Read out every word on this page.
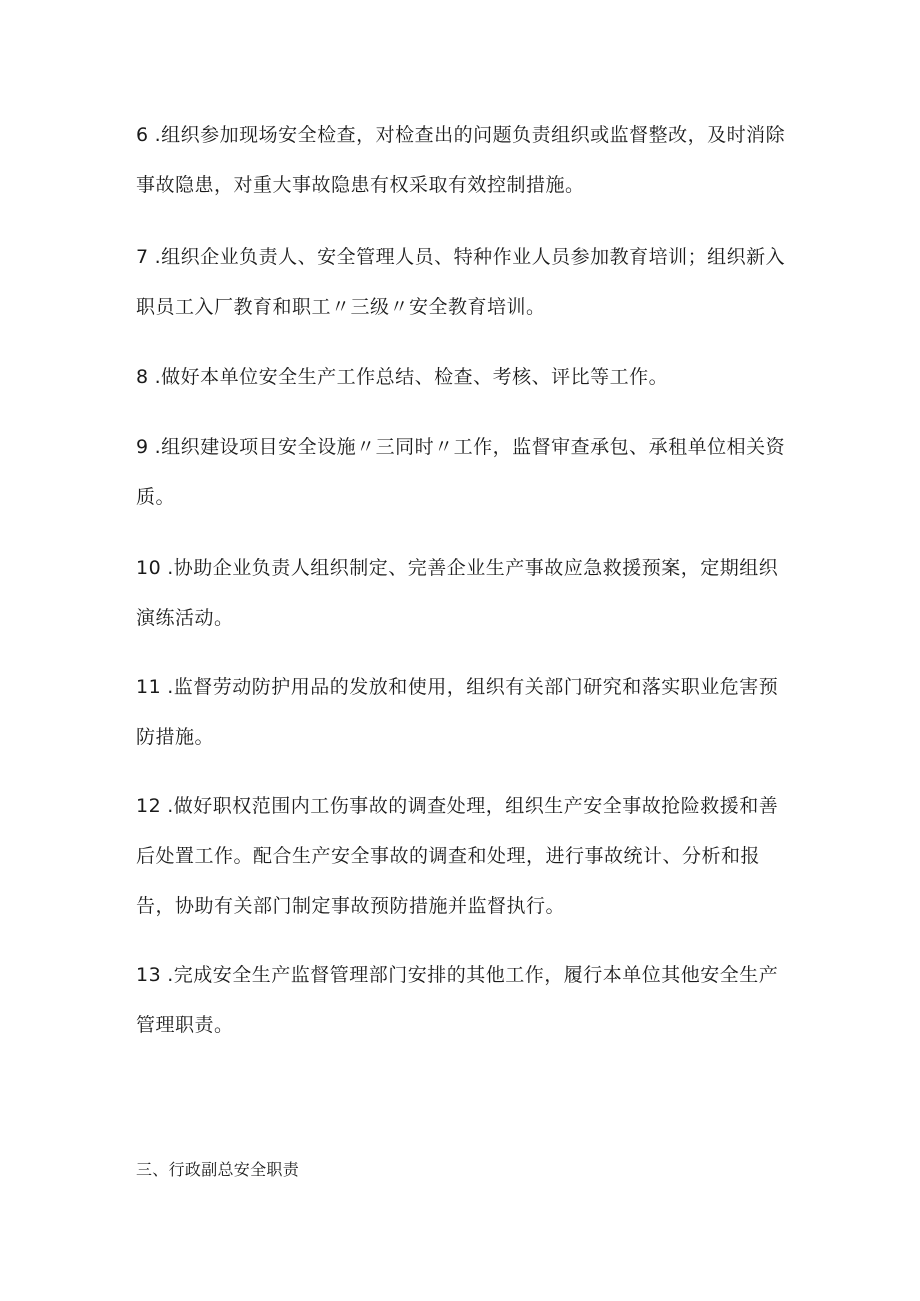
6 .组织参加现场安全检查，对检查出的问题负责组织或监督整改，及时消除事故隐患，对重大事故隐患有权采取有效控制措施。

7 .组织企业负责人、安全管理人员、特种作业人员参加教育培训；组织新入职员工入厂教育和职工〃三级〃安全教育培训。

8 .做好本单位安全生产工作总结、检查、考核、评比等工作。

9 .组织建设项目安全设施〃三同时〃工作，监督审查承包、承租单位相关资质。

10 .协助企业负责人组织制定、完善企业生产事故应急救援预案，定期组织演练活动。

11 .监督劳动防护用品的发放和使用，组织有关部门研究和落实职业危害预防措施。

12 .做好职权范围内工伤事故的调查处理，组织生产安全事故抢险救援和善后处置工作。配合生产安全事故的调查和处理，进行事故统计、分析和报告，协助有关部门制定事故预防措施并监督执行。

13 .完成安全生产监督管理部门安排的其他工作，履行本单位其他安全生产管理职责。

三、行政副总安全职责
